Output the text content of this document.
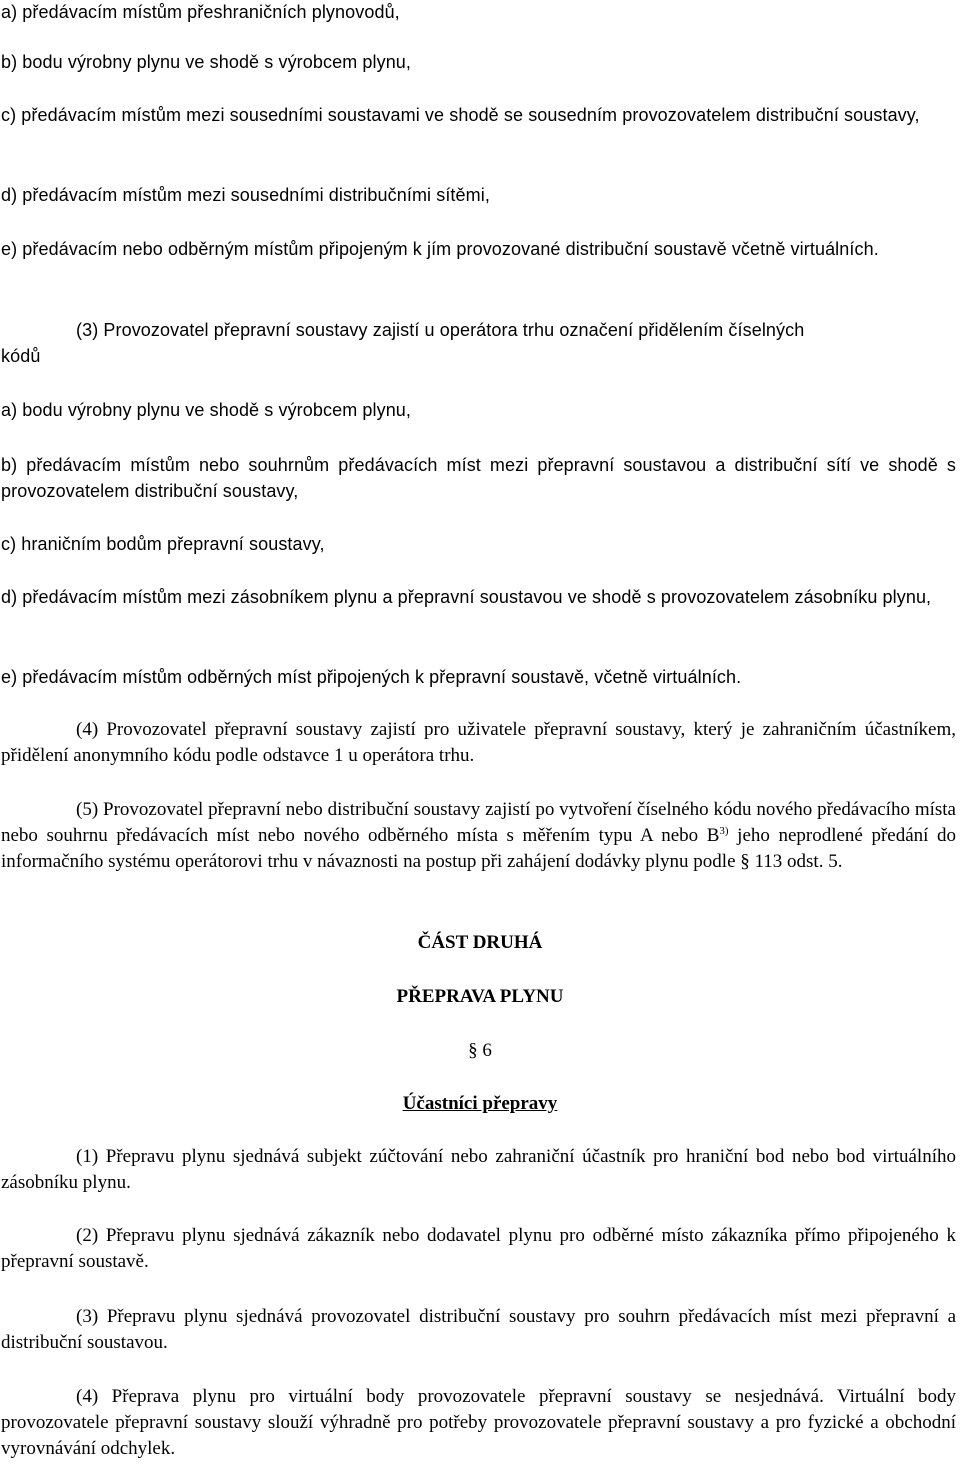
a) předávacím místům přeshraničních plynovodů,

b) bodu výrobny plynu ve shodě s výrobcem plynu,

c) předávacím místům mezi sousedními soustavami ve shodě se sousedním provozovatelem distribuční soustavy,

d) předávacím místům mezi sousedními distribučními sítěmi,

e) předávacím nebo odběrným místům připojeným k jím provozované distribuční soustavě včetně virtuálních.

(3) Provozovatel přepravní soustavy zajistí u operátora trhu označení přidělením číselných

kódů

a) bodu výrobny plynu ve shodě s výrobcem plynu,

b) předávacím místům nebo souhrnům předávacích míst mezi přepravní soustavou a distribuční sítí ve shodě s provozovatelem distribuční soustavy,

c) hraničním bodům přepravní soustavy,

d) předávacím místům mezi zásobníkem plynu a přepravní soustavou ve shodě s provozovatelem zásobníku plynu,

e) předávacím místům odběrných míst připojených k přepravní soustavě, včetně virtuálních.

(4) Provozovatel přepravní soustavy zajistí pro uživatele přepravní soustavy, který je zahraničním účastníkem, přidělení anonymního kódu podle odstavce 1 u operátora trhu.

(5) Provozovatel přepravní nebo distribuční soustavy zajistí po vytvoření číselného kódu nového předávacího místa nebo souhrnu předávacích míst nebo nového odběrného místa s měřením typu A nebo $B^{3)}$ jeho neprodlené předání do informačního systému operátorovi trhu v návaznosti na postup při zahájení dodávky plynu podle § 113 odst. 5.

ČÁST DRUHÁ

PŘEPRAVA PLYNU

§ 6

Účastníci přepravy

(1) Přepravu plynu sjednává subjekt zúčtování nebo zahraniční účastník pro hraniční bod nebo bod virtuálního zásobníku plynu.

(2) Přepravu plynu sjednává zákazník nebo dodavatel plynu pro odběrné místo zákazníka přímo připojeného k přepravní soustavě.

(3) Přepravu plynu sjednává provozovatel distribuční soustavy pro souhrn předávacích míst mezi přepravní a distribuční soustavou.

(4) Přeprava plynu pro virtuální body provozovatele přepravní soustavy se nesjednává. Virtuální body provozovatele přepravní soustavy slouží výhradně pro potřeby provozovatele přepravní soustavy a pro fyzické a obchodní vyrovnávání odchylek.
